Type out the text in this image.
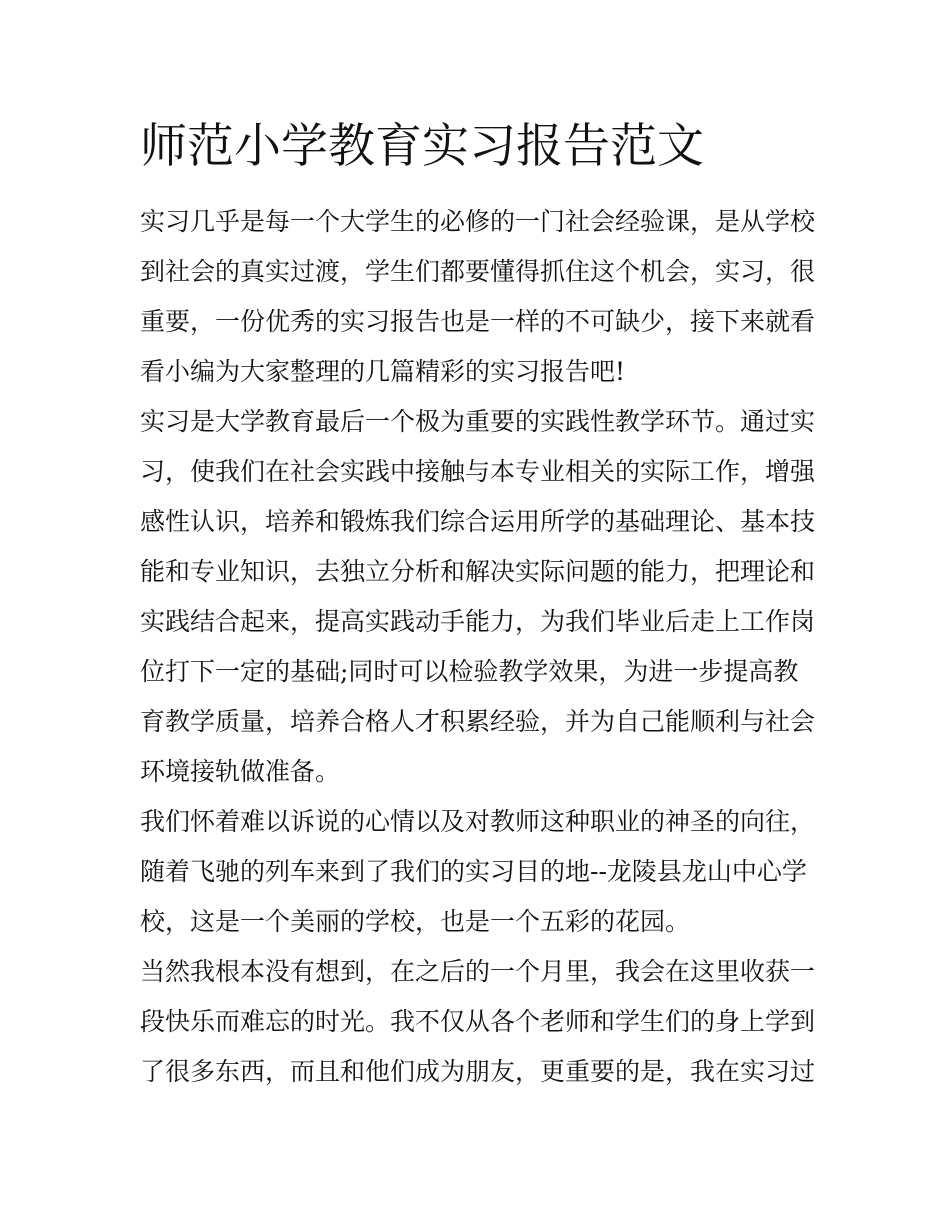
师范小学教育实习报告范文

实习几乎是每一个大学生的必修的一门社会经验课，是从学校
到社会的真实过渡，学生们都要懂得抓住这个机会，实习，很
重要，一份优秀的实习报告也是一样的不可缺少，接下来就看
看小编为大家整理的几篇精彩的实习报告吧!

实习是大学教育最后一个极为重要的实践性教学环节。通过实
习，使我们在社会实践中接触与本专业相关的实际工作，增强
感性认识，培养和锻炼我们综合运用所学的基础理论、基本技
能和专业知识，去独立分析和解决实际问题的能力，把理论和
实践结合起来，提高实践动手能力，为我们毕业后走上工作岗
位打下一定的基础;同时可以检验教学效果，为进一步提高教
育教学质量，培养合格人才积累经验，并为自己能顺利与社会
环境接轨做准备。

我们怀着难以诉说的心情以及对教师这种职业的神圣的向往，
随着飞驰的列车来到了我们的实习目的地--龙陵县龙山中心学
校，这是一个美丽的学校，也是一个五彩的花园。

当然我根本没有想到，在之后的一个月里，我会在这里收获一
段快乐而难忘的时光。我不仅从各个老师和学生们的身上学到
了很多东西，而且和他们成为朋友，更重要的是，我在实习过
